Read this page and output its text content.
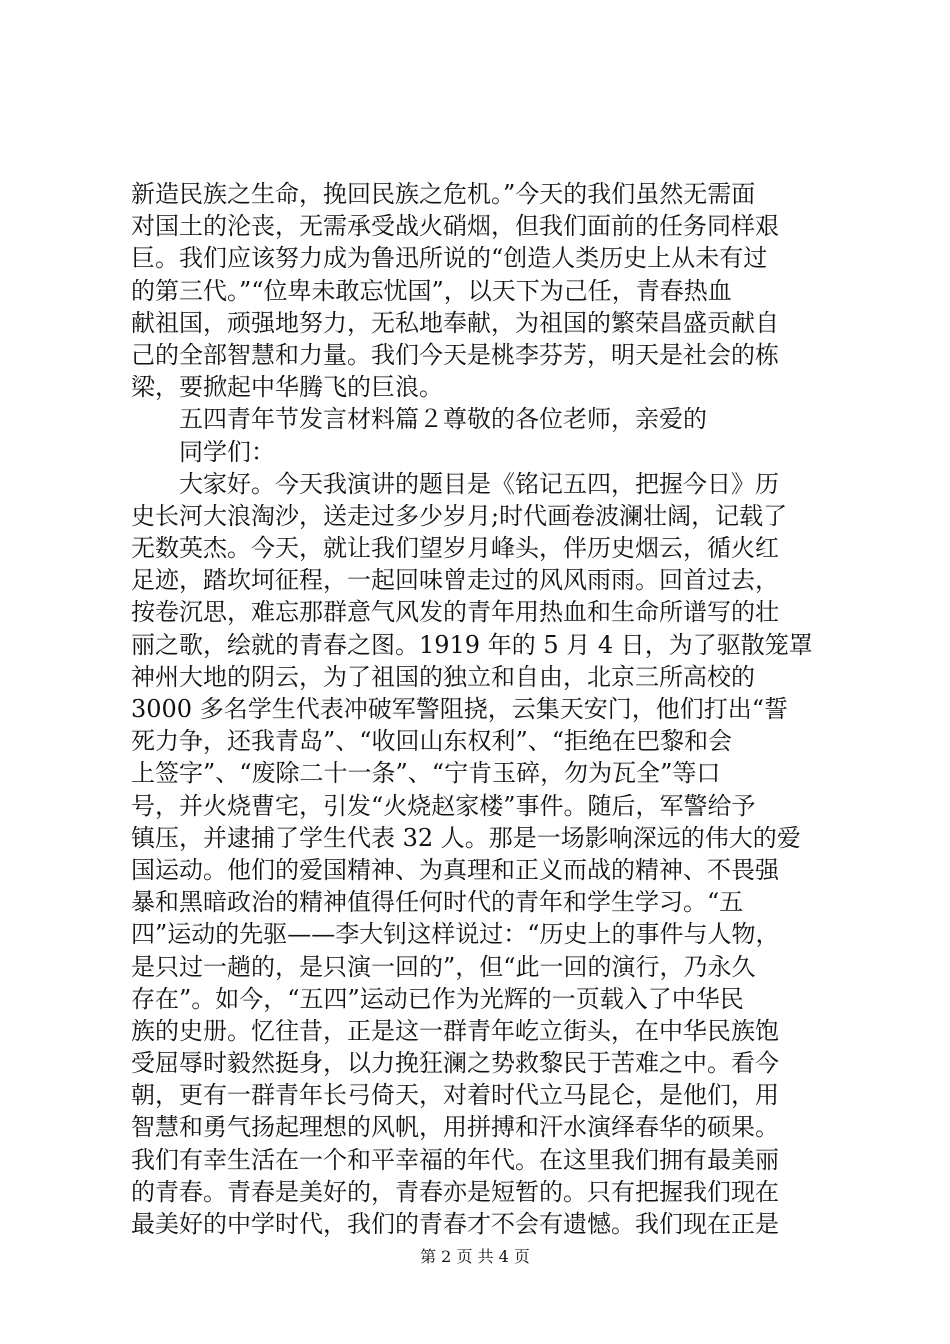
新造民族之生命，挽回民族之危机。”今天的我们虽然无需面
对国土的沦丧，无需承受战火硝烟，但我们面前的任务同样艰
巨。我们应该努力成为鲁迅所说的“创造人类历史上从未有过
的第三代。”“位卑未敢忘忧国”，以天下为己任，青春热血
献祖国，顽强地努力，无私地奉献，为祖国的繁荣昌盛贡献自
己的全部智慧和力量。我们今天是桃李芬芳，明天是社会的栋
梁，要掀起中华腾飞的巨浪。
五四青年节发言材料篇２尊敬的各位老师，亲爱的
同学们：
大家好。今天我演讲的题目是《铭记五四，把握今日》历
史长河大浪淘沙，送走过多少岁月;时代画卷波澜壮阔，记载了
无数英杰。今天，就让我们望岁月峰头，伴历史烟云，循火红
足迹，踏坎坷征程，一起回味曾走过的风风雨雨。回首过去，
按卷沉思，难忘那群意气风发的青年用热血和生命所谱写的壮
丽之歌，绘就的青春之图。1919 年的 5 月 4 日，为了驱散笼罩
神州大地的阴云，为了祖国的独立和自由，北京三所高校的
3000 多名学生代表冲破军警阻挠，云集天安门，他们打出“誓
死力争，还我青岛”、“收回山东权利”、“拒绝在巴黎和会
上签字”、“废除二十一条”、“宁肯玉碎，勿为瓦全”等口
号，并火烧曹宅，引发“火烧赵家楼”事件。随后，军警给予
镇压，并逮捕了学生代表 32 人。那是一场影响深远的伟大的爱
国运动。他们的爱国精神、为真理和正义而战的精神、不畏强
暴和黑暗政治的精神值得任何时代的青年和学生学习。“五
四”运动的先驱——李大钊这样说过：“历史上的事件与人物，
是只过一趟的，是只演一回的”，但“此一回的演行，乃永久
存在”。如今，“五四”运动已作为光辉的一页载入了中华民
族的史册。忆往昔，正是这一群青年屹立街头，在中华民族饱
受屈辱时毅然挺身，以力挽狂澜之势救黎民于苦难之中。看今
朝，更有一群青年长弓倚天，对着时代立马昆仑，是他们，用
智慧和勇气扬起理想的风帆，用拼搏和汗水演绎春华的硕果。
我们有幸生活在一个和平幸福的年代。在这里我们拥有最美丽
的青春。青春是美好的，青春亦是短暂的。只有把握我们现在
最美好的中学时代，我们的青春才不会有遗憾。我们现在正是
第 2 页 共 4 页
